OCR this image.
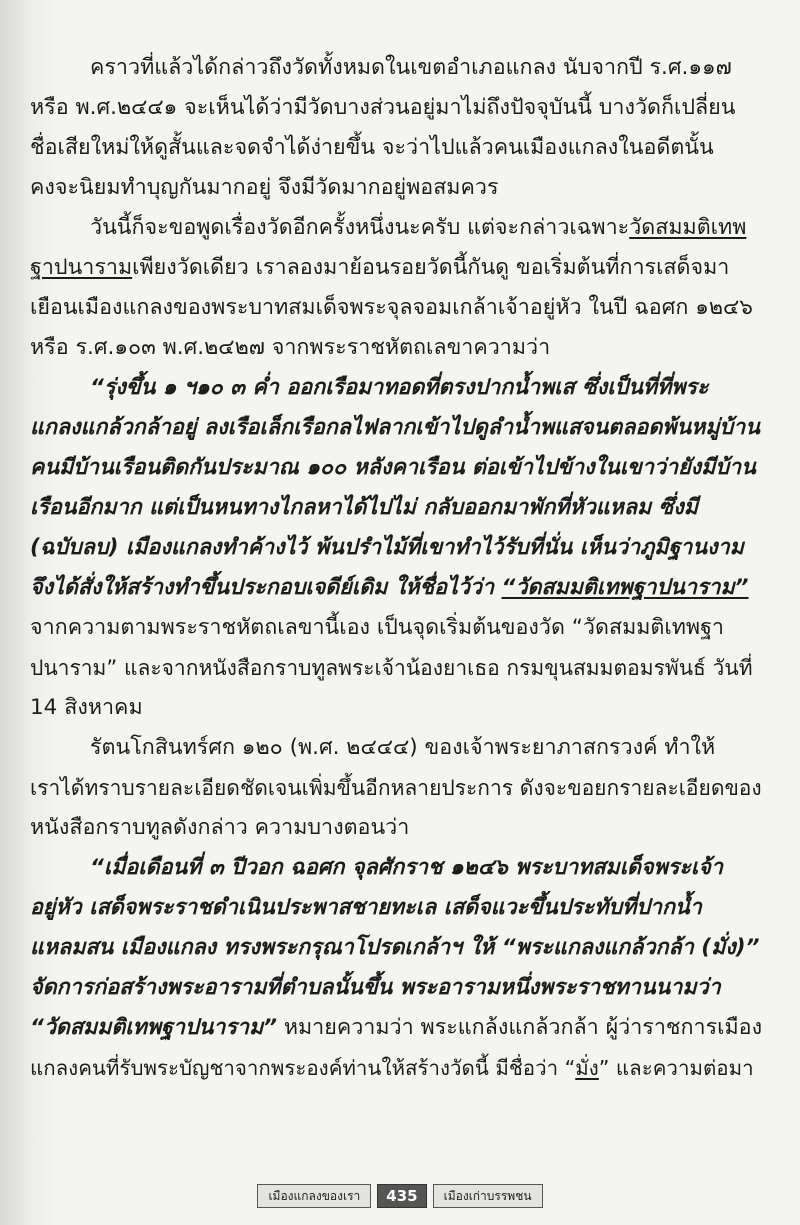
คราวที่แล้วได้กล่าวถึงวัดทั้งหมดในเขตอำเภอแกลง นับจากปี ร.ศ.๑๑๗
หรือ พ.ศ.๒๔๔๑ จะเห็นได้ว่ามีวัดบางส่วนอยู่มาไม่ถึงปัจจุบันนี้ บางวัดก็เปลี่ยน
ชื่อเสียใหม่ให้ดูสั้นและจดจำได้ง่ายขึ้น จะว่าไปแล้วคนเมืองแกลงในอดีตนั้น
คงจะนิยมทำบุญกันมากอยู่ จึงมีวัดมากอยู่พอสมควร
วันนี้ก็จะขอพูดเรื่องวัดอีกครั้งหนึ่งนะครับ แต่จะกล่าวเฉพาะวัดสมมติเทพ
ฐาปนารามเพียงวัดเดียว เราลองมาย้อนรอยวัดนี้กันดู ขอเริ่มต้นที่การเสด็จมา
เยือนเมืองแกลงของพระบาทสมเด็จพระจุลจอมเกล้าเจ้าอยู่หัว ในปี ฉอศก ๑๒๔๖
หรือ ร.ศ.๑๐๓ พ.ศ.๒๔๒๗ จากพระราชหัตถเลขาความว่า
“รุ่งขึ้น ๑ ฯ๑๐ ๓ ค่ำ ออกเรือมาทอดที่ตรงปากน้ำพเส ซึ่งเป็นที่ที่พระ
แกลงแกล้วกล้าอยู่ ลงเรือเล็กเรือกลไฟลากเข้าไปดูลำน้ำพแสจนตลอดพ้นหมู่บ้าน
คนมีบ้านเรือนติดกันประมาณ ๑๐๐ หลังคาเรือน ต่อเข้าไปข้างในเขาว่ายังมีบ้าน
เรือนอีกมาก แต่เป็นหนทางไกลหาได้ไปไม่ กลับออกมาพักที่หัวแหลม ซึ่งมี
(ฉบับลบ) เมืองแกลงทำค้างไว้ พ้นปรำไม้ที่เขาทำไว้รับที่นั่น เห็นว่าภูมิฐานงาม
จึงได้สั่งให้สร้างทำขึ้นประกอบเจดีย์เดิม ให้ชื่อไว้ว่า “วัดสมมติเทพฐาปนาราม”
จากความตามพระราชหัตถเลขานี้เอง เป็นจุดเริ่มต้นของวัด “วัดสมมติเทพฐา
ปนาราม” และจากหนังสือกราบทูลพระเจ้าน้องยาเธอ กรมขุนสมมตอมรพันธ์ วันที่
14 สิงหาคม
รัตนโกสินทร์ศก ๑๒๐ (พ.ศ. ๒๔๔๔) ของเจ้าพระยาภาสกรวงค์ ทำให้
เราได้ทราบรายละเอียดชัดเจนเพิ่มขึ้นอีกหลายประการ ดังจะขอยกรายละเอียดของ
หนังสือกราบทูลดังกล่าว ความบางตอนว่า
“เมื่อเดือนที่ ๓ ปีวอก ฉอศก จุลศักราช ๑๒๔๖ พระบาทสมเด็จพระเจ้า
อยู่หัว เสด็จพระราชดำเนินประพาสชายทะเล เสด็จแวะขึ้นประทับที่ปากน้ำ
แหลมสน เมืองแกลง ทรงพระกรุณาโปรดเกล้าฯ ให้ “พระแกลงแกล้วกล้า (มั่ง)”
จัดการก่อสร้างพระอารามที่ตำบลนั้นขึ้น พระอารามหนึ่งพระราชทานนามว่า
“วัดสมมติเทพฐาปนาราม” หมายความว่า พระแกล้งแกล้วกล้า ผู้ว่าราชการเมือง
แกลงคนที่รับพระบัญชาจากพระองค์ท่านให้สร้างวัดนี้ มีชื่อว่า “มั่ง” และความต่อมา
เมืองแกลงของเรา	435	เมืองเก่าบรรพชน
